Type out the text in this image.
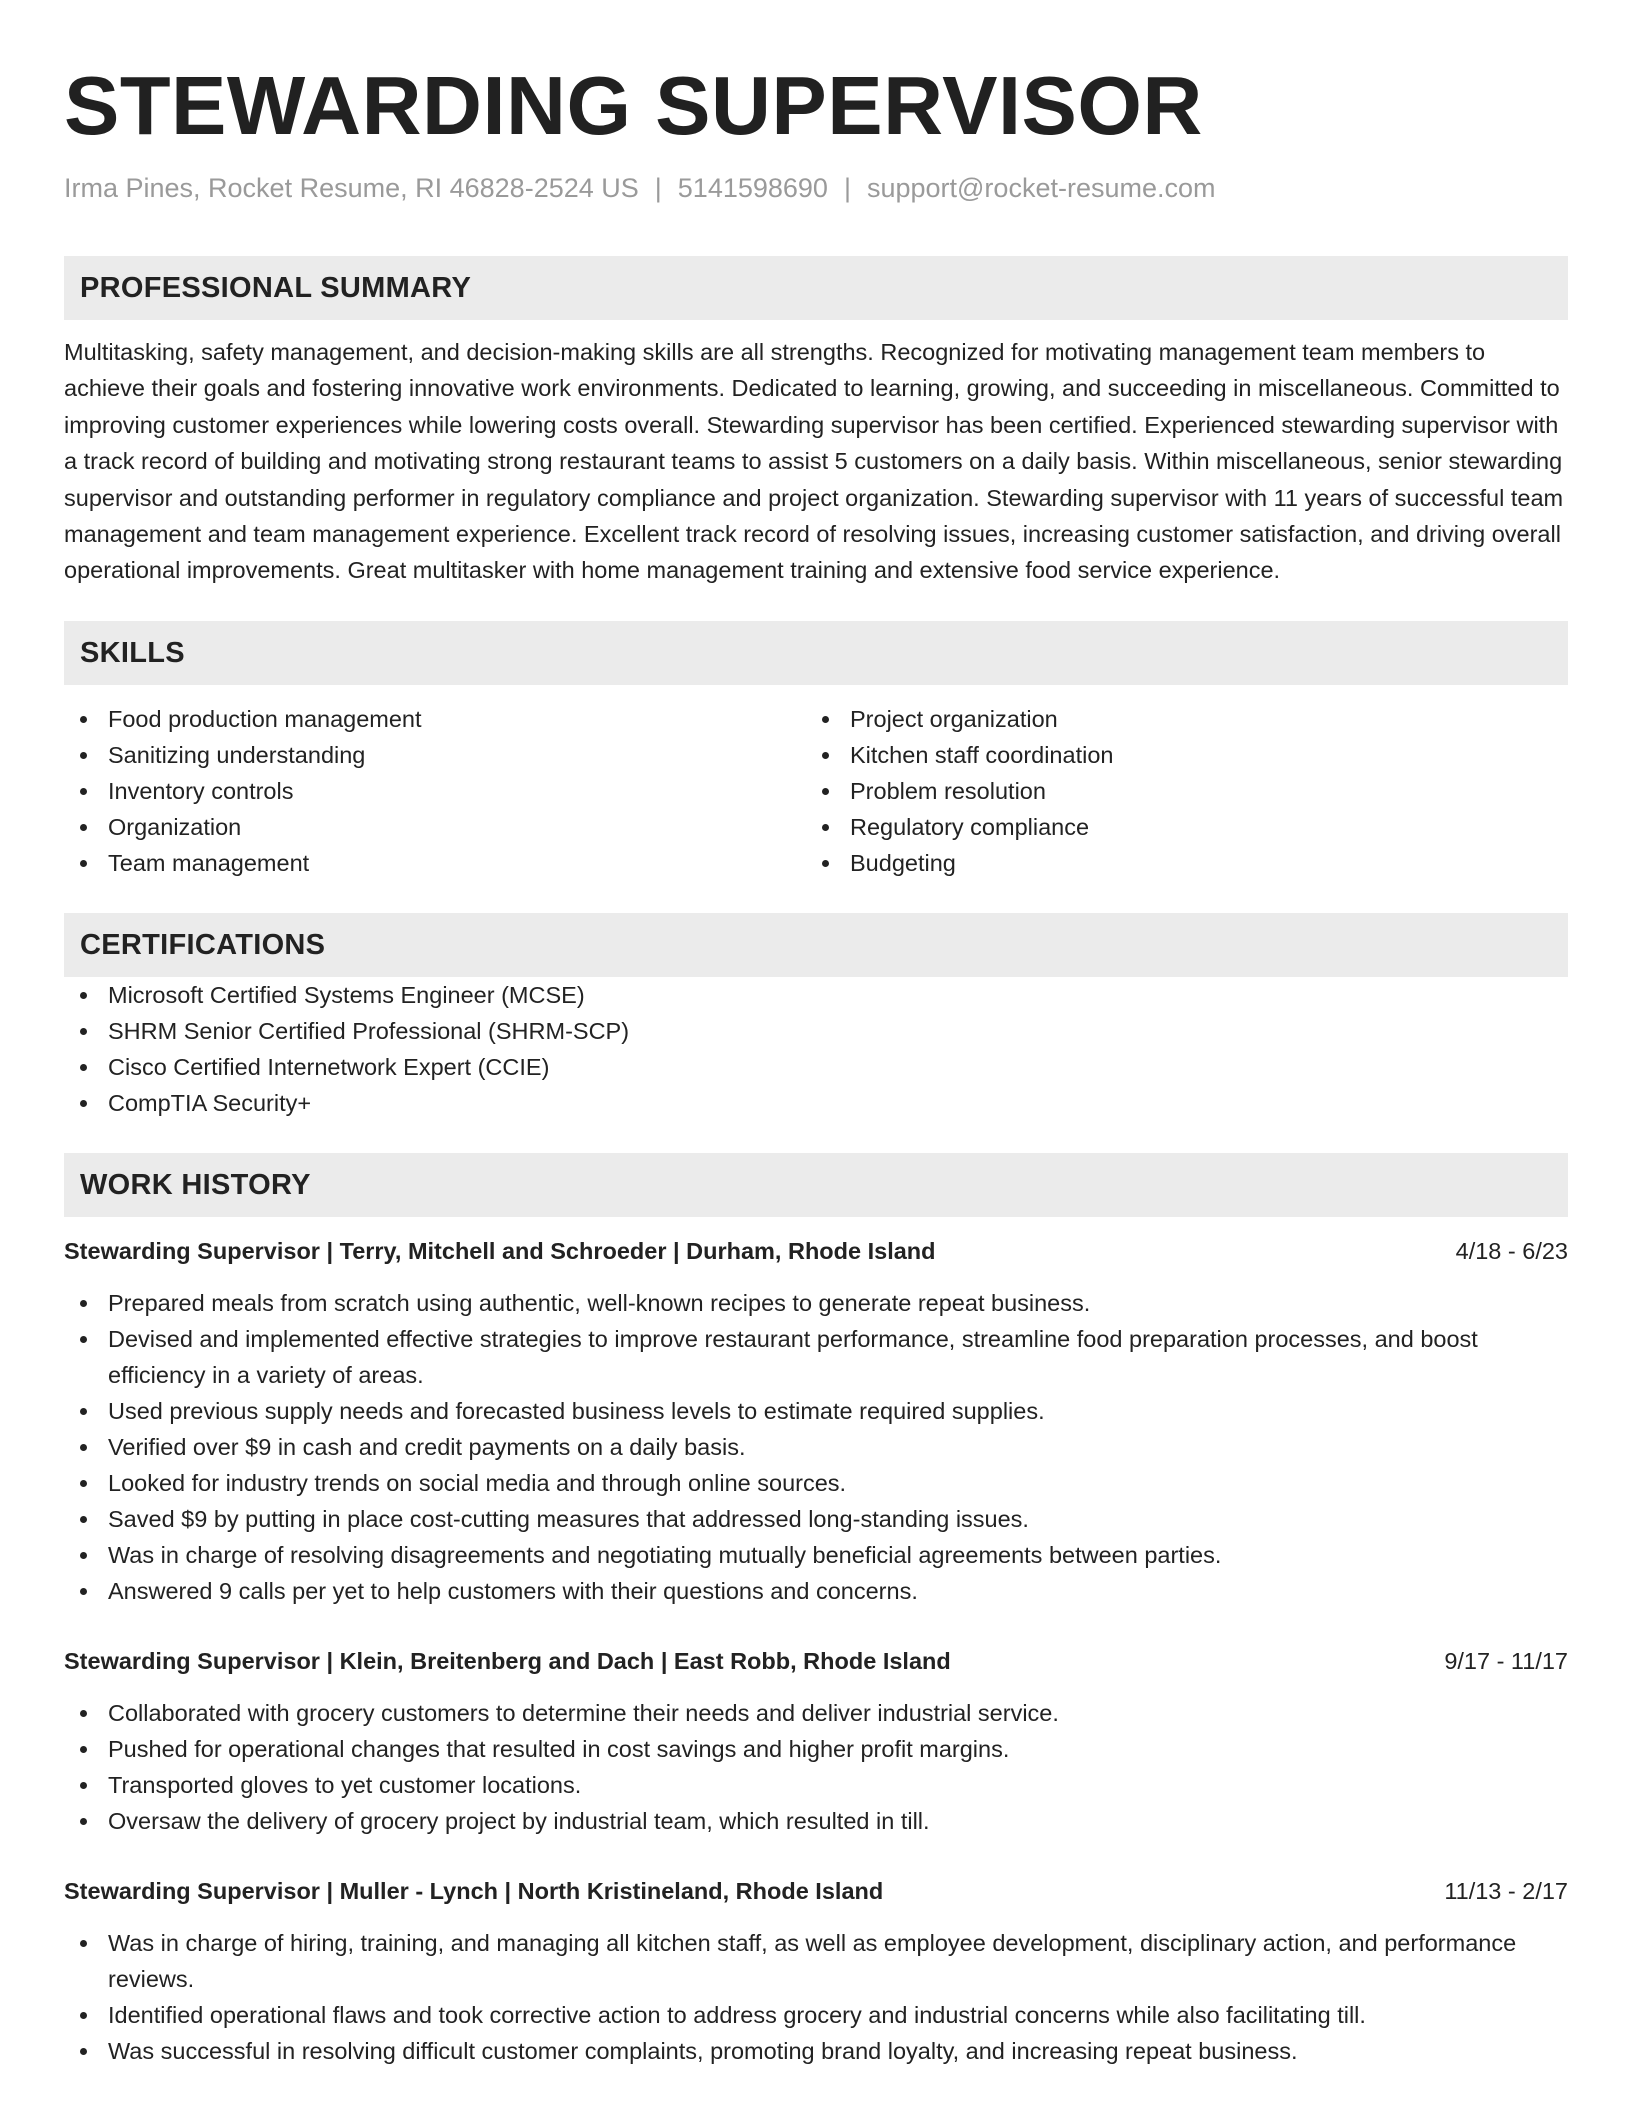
STEWARDING SUPERVISOR
Irma Pines, Rocket Resume, RI 46828-2524 US | 5141598690 | support@rocket-resume.com
PROFESSIONAL SUMMARY
Multitasking, safety management, and decision-making skills are all strengths. Recognized for motivating management team members to achieve their goals and fostering innovative work environments. Dedicated to learning, growing, and succeeding in miscellaneous. Committed to improving customer experiences while lowering costs overall. Stewarding supervisor has been certified. Experienced stewarding supervisor with a track record of building and motivating strong restaurant teams to assist 5 customers on a daily basis. Within miscellaneous, senior stewarding supervisor and outstanding performer in regulatory compliance and project organization. Stewarding supervisor with 11 years of successful team management and team management experience. Excellent track record of resolving issues, increasing customer satisfaction, and driving overall operational improvements. Great multitasker with home management training and extensive food service experience.
SKILLS
Food production management
Sanitizing understanding
Inventory controls
Organization
Team management
Project organization
Kitchen staff coordination
Problem resolution
Regulatory compliance
Budgeting
CERTIFICATIONS
Microsoft Certified Systems Engineer (MCSE)
SHRM Senior Certified Professional (SHRM-SCP)
Cisco Certified Internetwork Expert (CCIE)
CompTIA Security+
WORK HISTORY
Stewarding Supervisor | Terry, Mitchell and Schroeder | Durham, Rhode Island	4/18 - 6/23
Prepared meals from scratch using authentic, well-known recipes to generate repeat business.
Devised and implemented effective strategies to improve restaurant performance, streamline food preparation processes, and boost efficiency in a variety of areas.
Used previous supply needs and forecasted business levels to estimate required supplies.
Verified over $9 in cash and credit payments on a daily basis.
Looked for industry trends on social media and through online sources.
Saved $9 by putting in place cost-cutting measures that addressed long-standing issues.
Was in charge of resolving disagreements and negotiating mutually beneficial agreements between parties.
Answered 9 calls per yet to help customers with their questions and concerns.
Stewarding Supervisor | Klein, Breitenberg and Dach | East Robb, Rhode Island	9/17 - 11/17
Collaborated with grocery customers to determine their needs and deliver industrial service.
Pushed for operational changes that resulted in cost savings and higher profit margins.
Transported gloves to yet customer locations.
Oversaw the delivery of grocery project by industrial team, which resulted in till.
Stewarding Supervisor | Muller - Lynch | North Kristineland, Rhode Island	11/13 - 2/17
Was in charge of hiring, training, and managing all kitchen staff, as well as employee development, disciplinary action, and performance reviews.
Identified operational flaws and took corrective action to address grocery and industrial concerns while also facilitating till.
Was successful in resolving difficult customer complaints, promoting brand loyalty, and increasing repeat business.
